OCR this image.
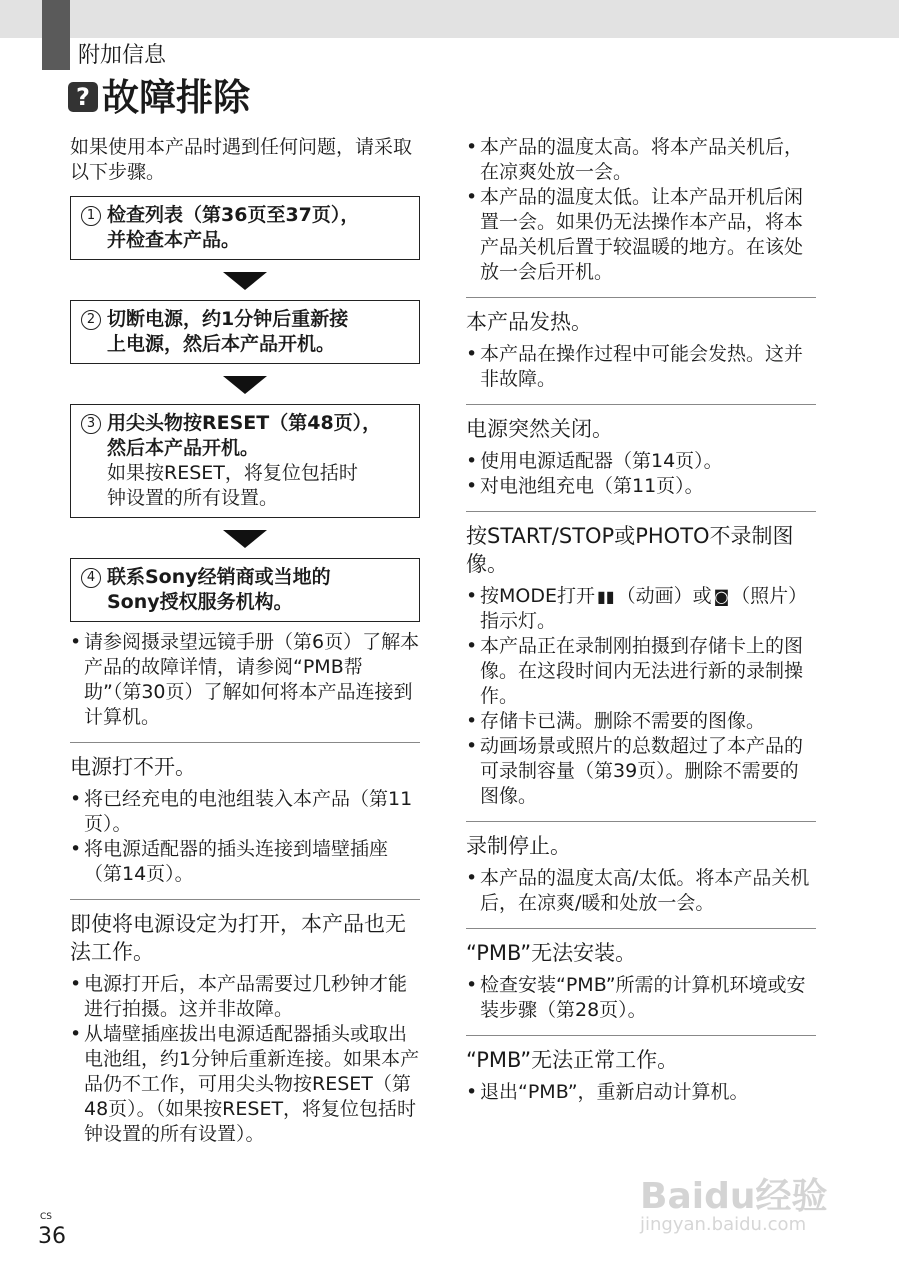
附加信息
? 故障排除

如果使用本产品时遇到任何问题，请采取以下步骤。

1 检查列表（第36页至37页），

并检查本产品。

2 切断电源，约1分钟后重新接

上电源，然后本产品开机。

3 用尖头物按RESET（第48页），

然后本产品开机。

如果按RESET，将复位包括时

钟设置的所有设置。

4 联系Sony经销商或当地的

Sony授权服务机构。

• 请参阅摄录望远镜手册（第6页）了解本产品的故障详情，请参阅“PMB帮助”（第30页）了解如何将本产品连接到计算机。

电源打不开。

• 将已经充电的电池组装入本产品（第11页）。
• 将电源适配器的插头连接到墙壁插座（第14页）。

即使将电源设定为打开，本产品也无法工作。

• 电源打开后，本产品需要过几秒钟才能进行拍摄。这并非故障。
• 从墙壁插座拔出电源适配器插头或取出电池组，约1分钟后重新连接。如果本产品仍不工作，可用尖头物按RESET（第48页）。（如果按RESET，将复位包括时钟设置的所有设置）。
• 本产品的温度太高。将本产品关机后，在凉爽处放一会。
• 本产品的温度太低。让本产品开机后闲置一会。如果仍无法操作本产品，将本产品关机后置于较温暖的地方。在该处放一会后开机。

本产品发热。

• 本产品在操作过程中可能会发热。这并非故障。

电源突然关闭。

• 使用电源适配器（第14页）。
• 对电池组充电（第11页）。

按START/STOP或PHOTO不录制图像。

• 按MODE打开 ▮▮ （动画）或 ◙ （照片）指示灯。
• 本产品正在录制刚拍摄到存储卡上的图像。在这段时间内无法进行新的录制操作。
• 存储卡已满。删除不需要的图像。
• 动画场景或照片的总数超过了本产品的可录制容量（第39页）。删除不需要的图像。

录制停止。

• 本产品的温度太高/太低。将本产品关机后，在凉爽/暖和处放一会。

“PMB”无法安装。

• 检查安装“PMB”所需的计算机环境或安装步骤（第28页）。

“PMB”无法正常工作。

• 退出“PMB”，重新启动计算机。
CS
36
Baidu经验
jingyan.baidu.com
